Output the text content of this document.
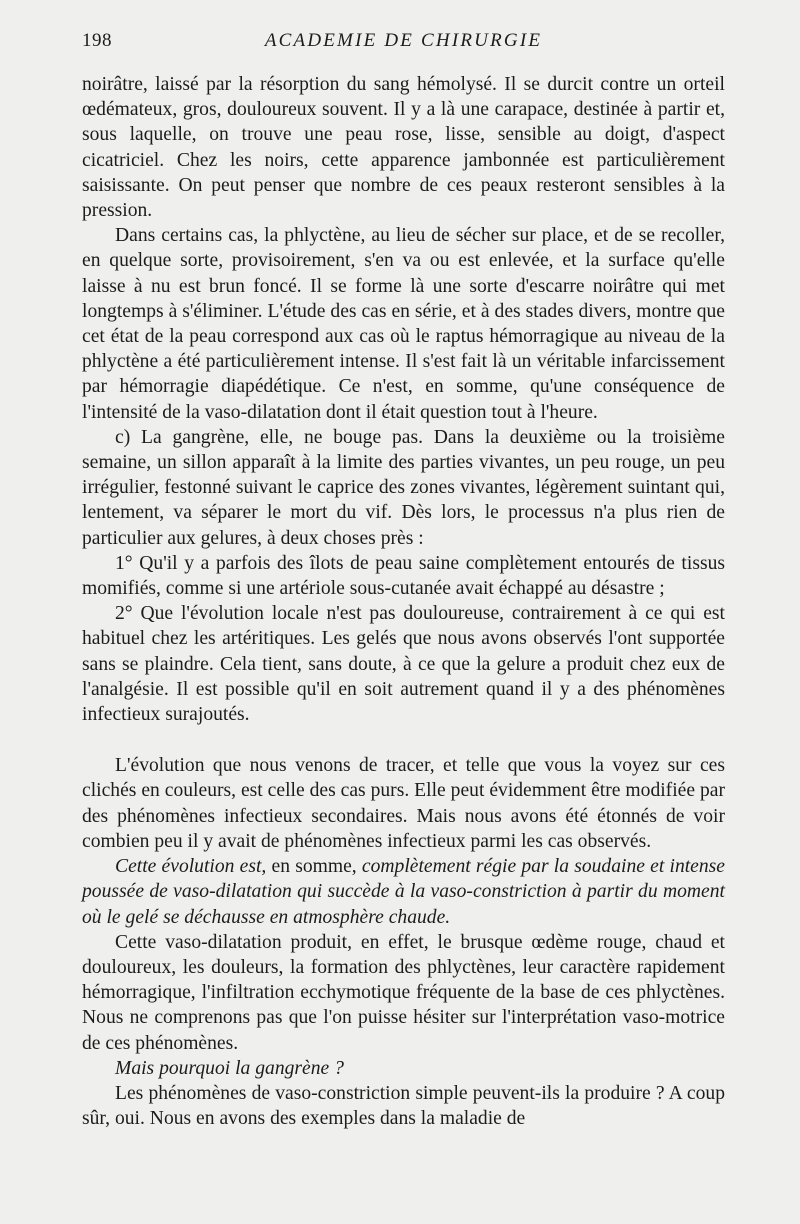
198	ACADEMIE DE CHIRURGIE

noirâtre, laissé par la résorption du sang hémolysé. Il se durcit contre un orteil œdémateux, gros, douloureux souvent. Il y a là une carapace, destinée à partir et, sous laquelle, on trouve une peau rose, lisse, sensible au doigt, d'aspect cicatriciel. Chez les noirs, cette apparence jambonnée est particulièrement saisissante. On peut penser que nombre de ces peaux resteront sensibles à la pression.

Dans certains cas, la phlyctène, au lieu de sécher sur place, et de se recoller, en quelque sorte, provisoirement, s'en va ou est enlevée, et la surface qu'elle laisse à nu est brun foncé. Il se forme là une sorte d'escarre noirâtre qui met longtemps à s'éliminer. L'étude des cas en série, et à des stades divers, montre que cet état de la peau correspond aux cas où le raptus hémorragique au niveau de la phlyctène a été particulièrement intense. Il s'est fait là un véritable infarcissement par hémorragie diapédétique. Ce n'est, en somme, qu'une conséquence de l'intensité de la vaso-dilatation dont il était question tout à l'heure.

c) La gangrène, elle, ne bouge pas. Dans la deuxième ou la troisième semaine, un sillon apparaît à la limite des parties vivantes, un peu rouge, un peu irrégulier, festonné suivant le caprice des zones vivantes, légèrement suintant qui, lentement, va séparer le mort du vif. Dès lors, le processus n'a plus rien de particulier aux gelures, à deux choses près :

1° Qu'il y a parfois des îlots de peau saine complètement entourés de tissus momifiés, comme si une artériole sous-cutanée avait échappé au désastre ;

2° Que l'évolution locale n'est pas douloureuse, contrairement à ce qui est habituel chez les artéritiques. Les gelés que nous avons observés l'ont supportée sans se plaindre. Cela tient, sans doute, à ce que la gelure a produit chez eux de l'analgésie. Il est possible qu'il en soit autrement quand il y a des phénomènes infectieux surajoutés.

L'évolution que nous venons de tracer, et telle que vous la voyez sur ces clichés en couleurs, est celle des cas purs. Elle peut évidemment être modifiée par des phénomènes infectieux secondaires. Mais nous avons été étonnés de voir combien peu il y avait de phénomènes infectieux parmi les cas observés.

Cette évolution est, en somme, complètement régie par la soudaine et intense poussée de vaso-dilatation qui succède à la vaso-constriction à partir du moment où le gelé se déchausse en atmosphère chaude.

Cette vaso-dilatation produit, en effet, le brusque œdème rouge, chaud et douloureux, les douleurs, la formation des phlyctènes, leur caractère rapidement hémorragique, l'infiltration ecchymotique fréquente de la base de ces phlyctènes. Nous ne comprenons pas que l'on puisse hésiter sur l'interprétation vaso-motrice de ces phénomènes.

Mais pourquoi la gangrène ?

Les phénomènes de vaso-constriction simple peuvent-ils la produire ? A coup sûr, oui. Nous en avons des exemples dans la maladie de
